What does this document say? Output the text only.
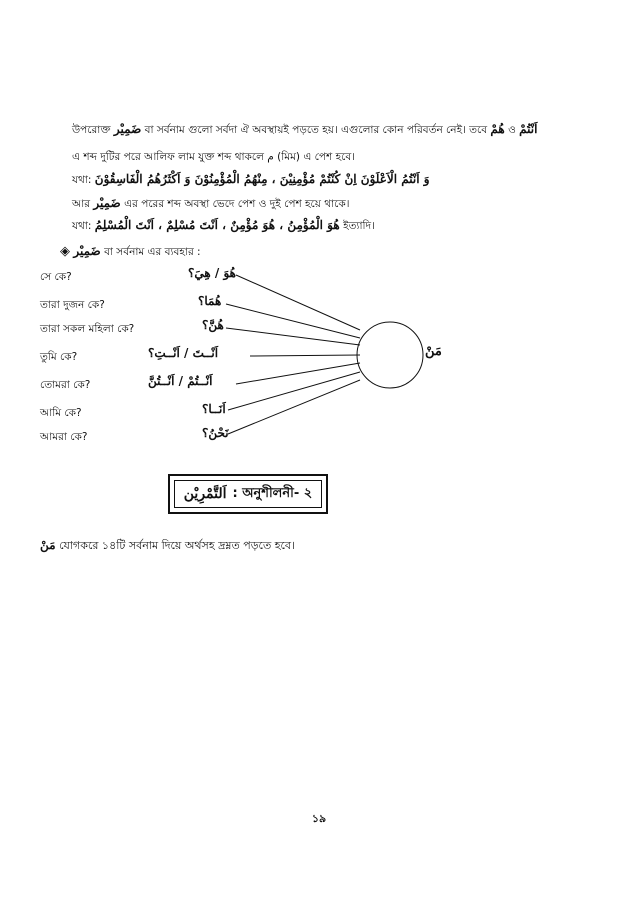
উপরোক্ত ضَمِيْر বা সর্বনাম গুলো সর্বদা ঐ অবস্থায়ই পড়তে হয়। এগুলোর কোন পরিবর্তন নেই। তবে هُمْ ও اَنْتُمْ
এ শব্দ দুটির পরে আলিফ লাম যুক্ত শব্দ থাকলে م (মিম) এ পেশ হবে।
যথা: وَ اَنْتُمُ الْاَعْلَوْنَ اِنْ كُنْتُمْ مُؤْمِنِيْنَ ، مِنْهُمُ الْمُؤْمِنُوْنَ وَ اَكْثَرُهُمُ الْفَاسِقُوْنَ
আর ضَمِيْر এর পরের শব্দ অবস্থা ভেদে পেশ ও দুই পেশ হয়ে থাকে।
যথা: هُوَ الْمُؤْمِنُ ، هُوَ مُؤْمِنٌ ، اَنْتَ مُسْلِمٌ ، اَنْتَ الْمُسْلِمُ ইত্যাদি।
◈ ضَمِيْر বা সর্বনাম এর ব্যবহার :
সে কে?	هُوَ / هِيَ؟
তারা দুজন কে?	هُمَا؟
তারা সকল মহিলা কে?	هُنَّ؟
তুমি কে?	اَنْــتَ / اَنْــتِ؟
তোমরা কে?	اَنْــتُمْ / اَنْــتُنَّ
আমি কে?	اَنَــا؟
আমরা কে?	نَحْنُ؟
مَنْ
اَلتَّمْرِيْن : অনুশীলনী- ২
مَنْ যোগকরে ১৪টি সর্বনাম দিয়ে অর্থসহ দ্রম্নত পড়তে হবে।
১৯
